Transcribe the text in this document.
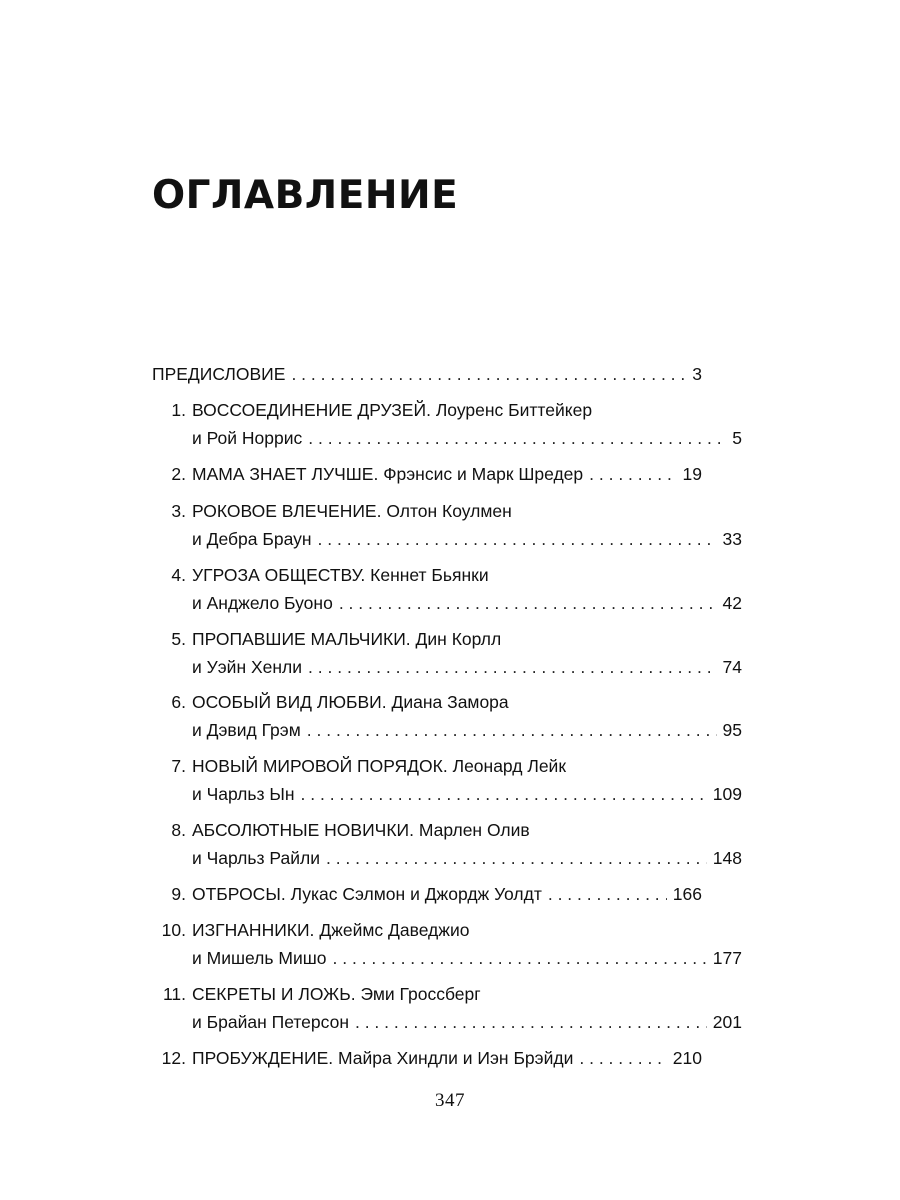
ОГЛАВЛЕНИЕ
ПРЕДИСЛОВИЕ . . .	3
1. ВОССОЕДИНЕНИЕ ДРУЗЕЙ. Лоуренс Биттейкер
и Рой Норрис . . .	5
2. МАМА ЗНАЕТ ЛУЧШЕ. Фрэнсис и Марк Шредер . . .	19
3. РОКОВОЕ ВЛЕЧЕНИЕ. Олтон Коулмен
и Дебра Браун . . .	33
4. УГРОЗА ОБЩЕСТВУ. Кеннет Бьянки
и Анджело Буоно . . .	42
5. ПРОПАВШИЕ МАЛЬЧИКИ. Дин Корлл
и Уэйн Хенли . . .	74
6. ОСОБЫЙ ВИД ЛЮБВИ. Диана Замора
и Дэвид Грэм . . .	95
7. НОВЫЙ МИРОВОЙ ПОРЯДОК. Леонард Лейк
и Чарльз Ын . . .	109
8. АБСОЛЮТНЫЕ НОВИЧКИ. Марлен Олив
и Чарльз Райли . . .	148
9. ОТБРОСЫ. Лукас Сэлмон и Джордж Уолдт . . .	166
10. ИЗГНАННИКИ. Джеймс Даведжио
и Мишель Мишо . . .	177
11. СЕКРЕТЫ И ЛОЖЬ. Эми Гроссберг
и Брайан Петерсон . . .	201
12. ПРОБУЖДЕНИЕ. Майра Хиндли и Иэн Брэйди . . .	210
347
